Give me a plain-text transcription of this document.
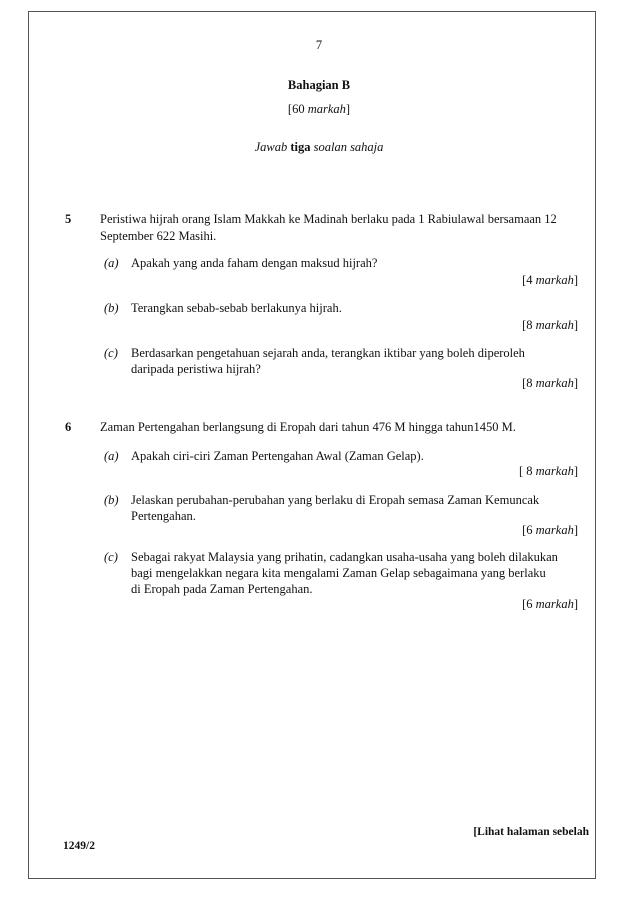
7
Bahagian B
[60 markah]
Jawab tiga soalan sahaja
5 Peristiwa hijrah orang Islam Makkah ke Madinah berlaku pada 1 Rabiulawal bersamaan 12
September 622 Masihi.
(a) Apakah yang anda faham dengan maksud hijrah?
[4 markah]
(b) Terangkan sebab-sebab berlakunya hijrah.
[8 markah]
(c) Berdasarkan pengetahuan sejarah anda, terangkan iktibar yang boleh diperoleh
daripada peristiwa hijrah?
[8 markah]
6 Zaman Pertengahan berlangsung di Eropah dari tahun 476 M hingga tahun1450 M.
(a) Apakah ciri-ciri Zaman Pertengahan Awal (Zaman Gelap).
[ 8 markah]
(b) Jelaskan perubahan-perubahan yang berlaku di Eropah semasa Zaman Kemuncak
Pertengahan.
[6 markah]
(c) Sebagai rakyat Malaysia yang prihatin, cadangkan usaha-usaha yang boleh dilakukan
bagi mengelakkan negara kita mengalami Zaman Gelap sebagaimana yang berlaku
di Eropah pada Zaman Pertengahan.
[6 markah]
[Lihat halaman sebelah
1249/2
